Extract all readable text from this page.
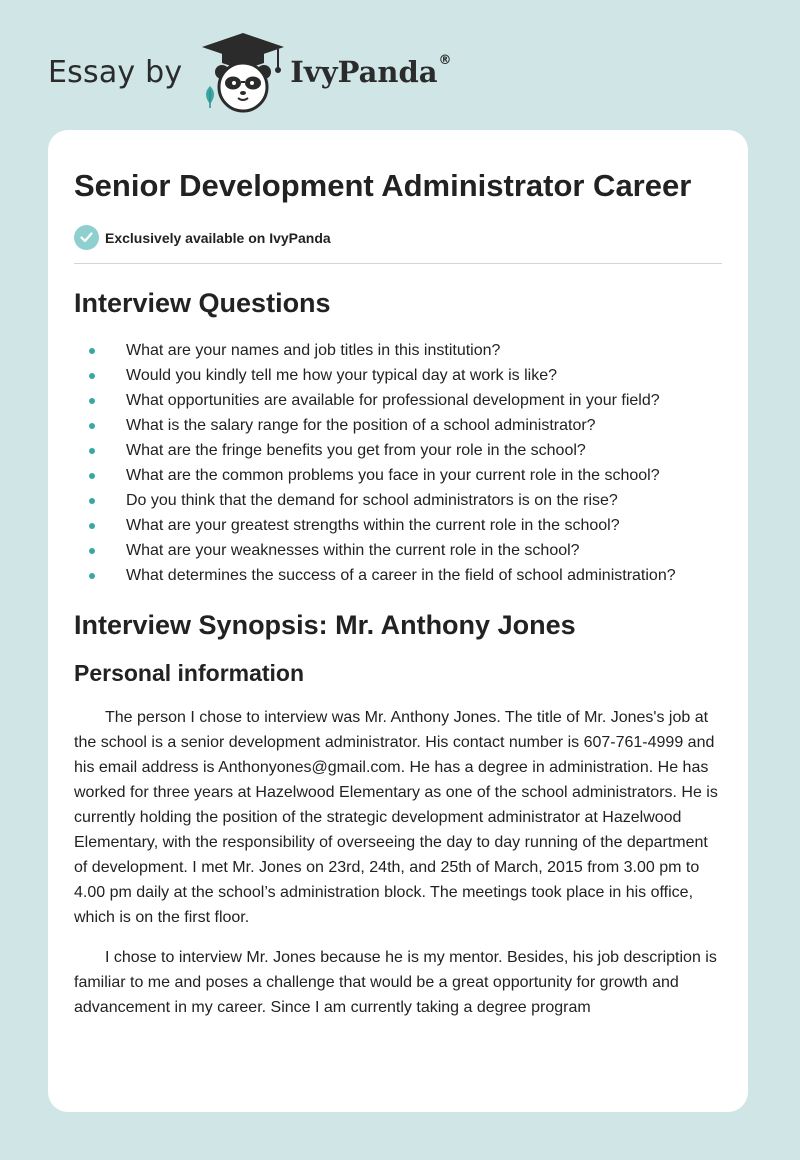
Essay by	IvyPanda ®
Senior Development Administrator Career
Exclusively available on IvyPanda
Interview Questions
What are your names and job titles in this institution?
Would you kindly tell me how your typical day at work is like?
What opportunities are available for professional development in your field?
What is the salary range for the position of a school administrator?
What are the fringe benefits you get from your role in the school?
What are the common problems you face in your current role in the school?
Do you think that the demand for school administrators is on the rise?
What are your greatest strengths within the current role in the school?
What are your weaknesses within the current role in the school?
What determines the success of a career in the field of school administration?
Interview Synopsis: Mr. Anthony Jones
Personal information

The person I chose to interview was Mr. Anthony Jones. The title of Mr. Jones's job at the school is a senior development administrator. His contact number is 607-761-4999 and his email address is Anthonyones@gmail.com. He has a degree in administration. He has worked for three years at Hazelwood Elementary as one of the school administrators. He is currently holding the position of the strategic development administrator at Hazelwood Elementary, with the responsibility of overseeing the day to day running of the department of development. I met Mr. Jones on 23rd, 24th, and 25th of March, 2015 from 3.00 pm to 4.00 pm daily at the school’s administration block. The meetings took place in his office, which is on the first floor.

I chose to interview Mr. Jones because he is my mentor. Besides, his job description is familiar to me and poses a challenge that would be a great opportunity for growth and advancement in my career. Since I am currently taking a degree program
